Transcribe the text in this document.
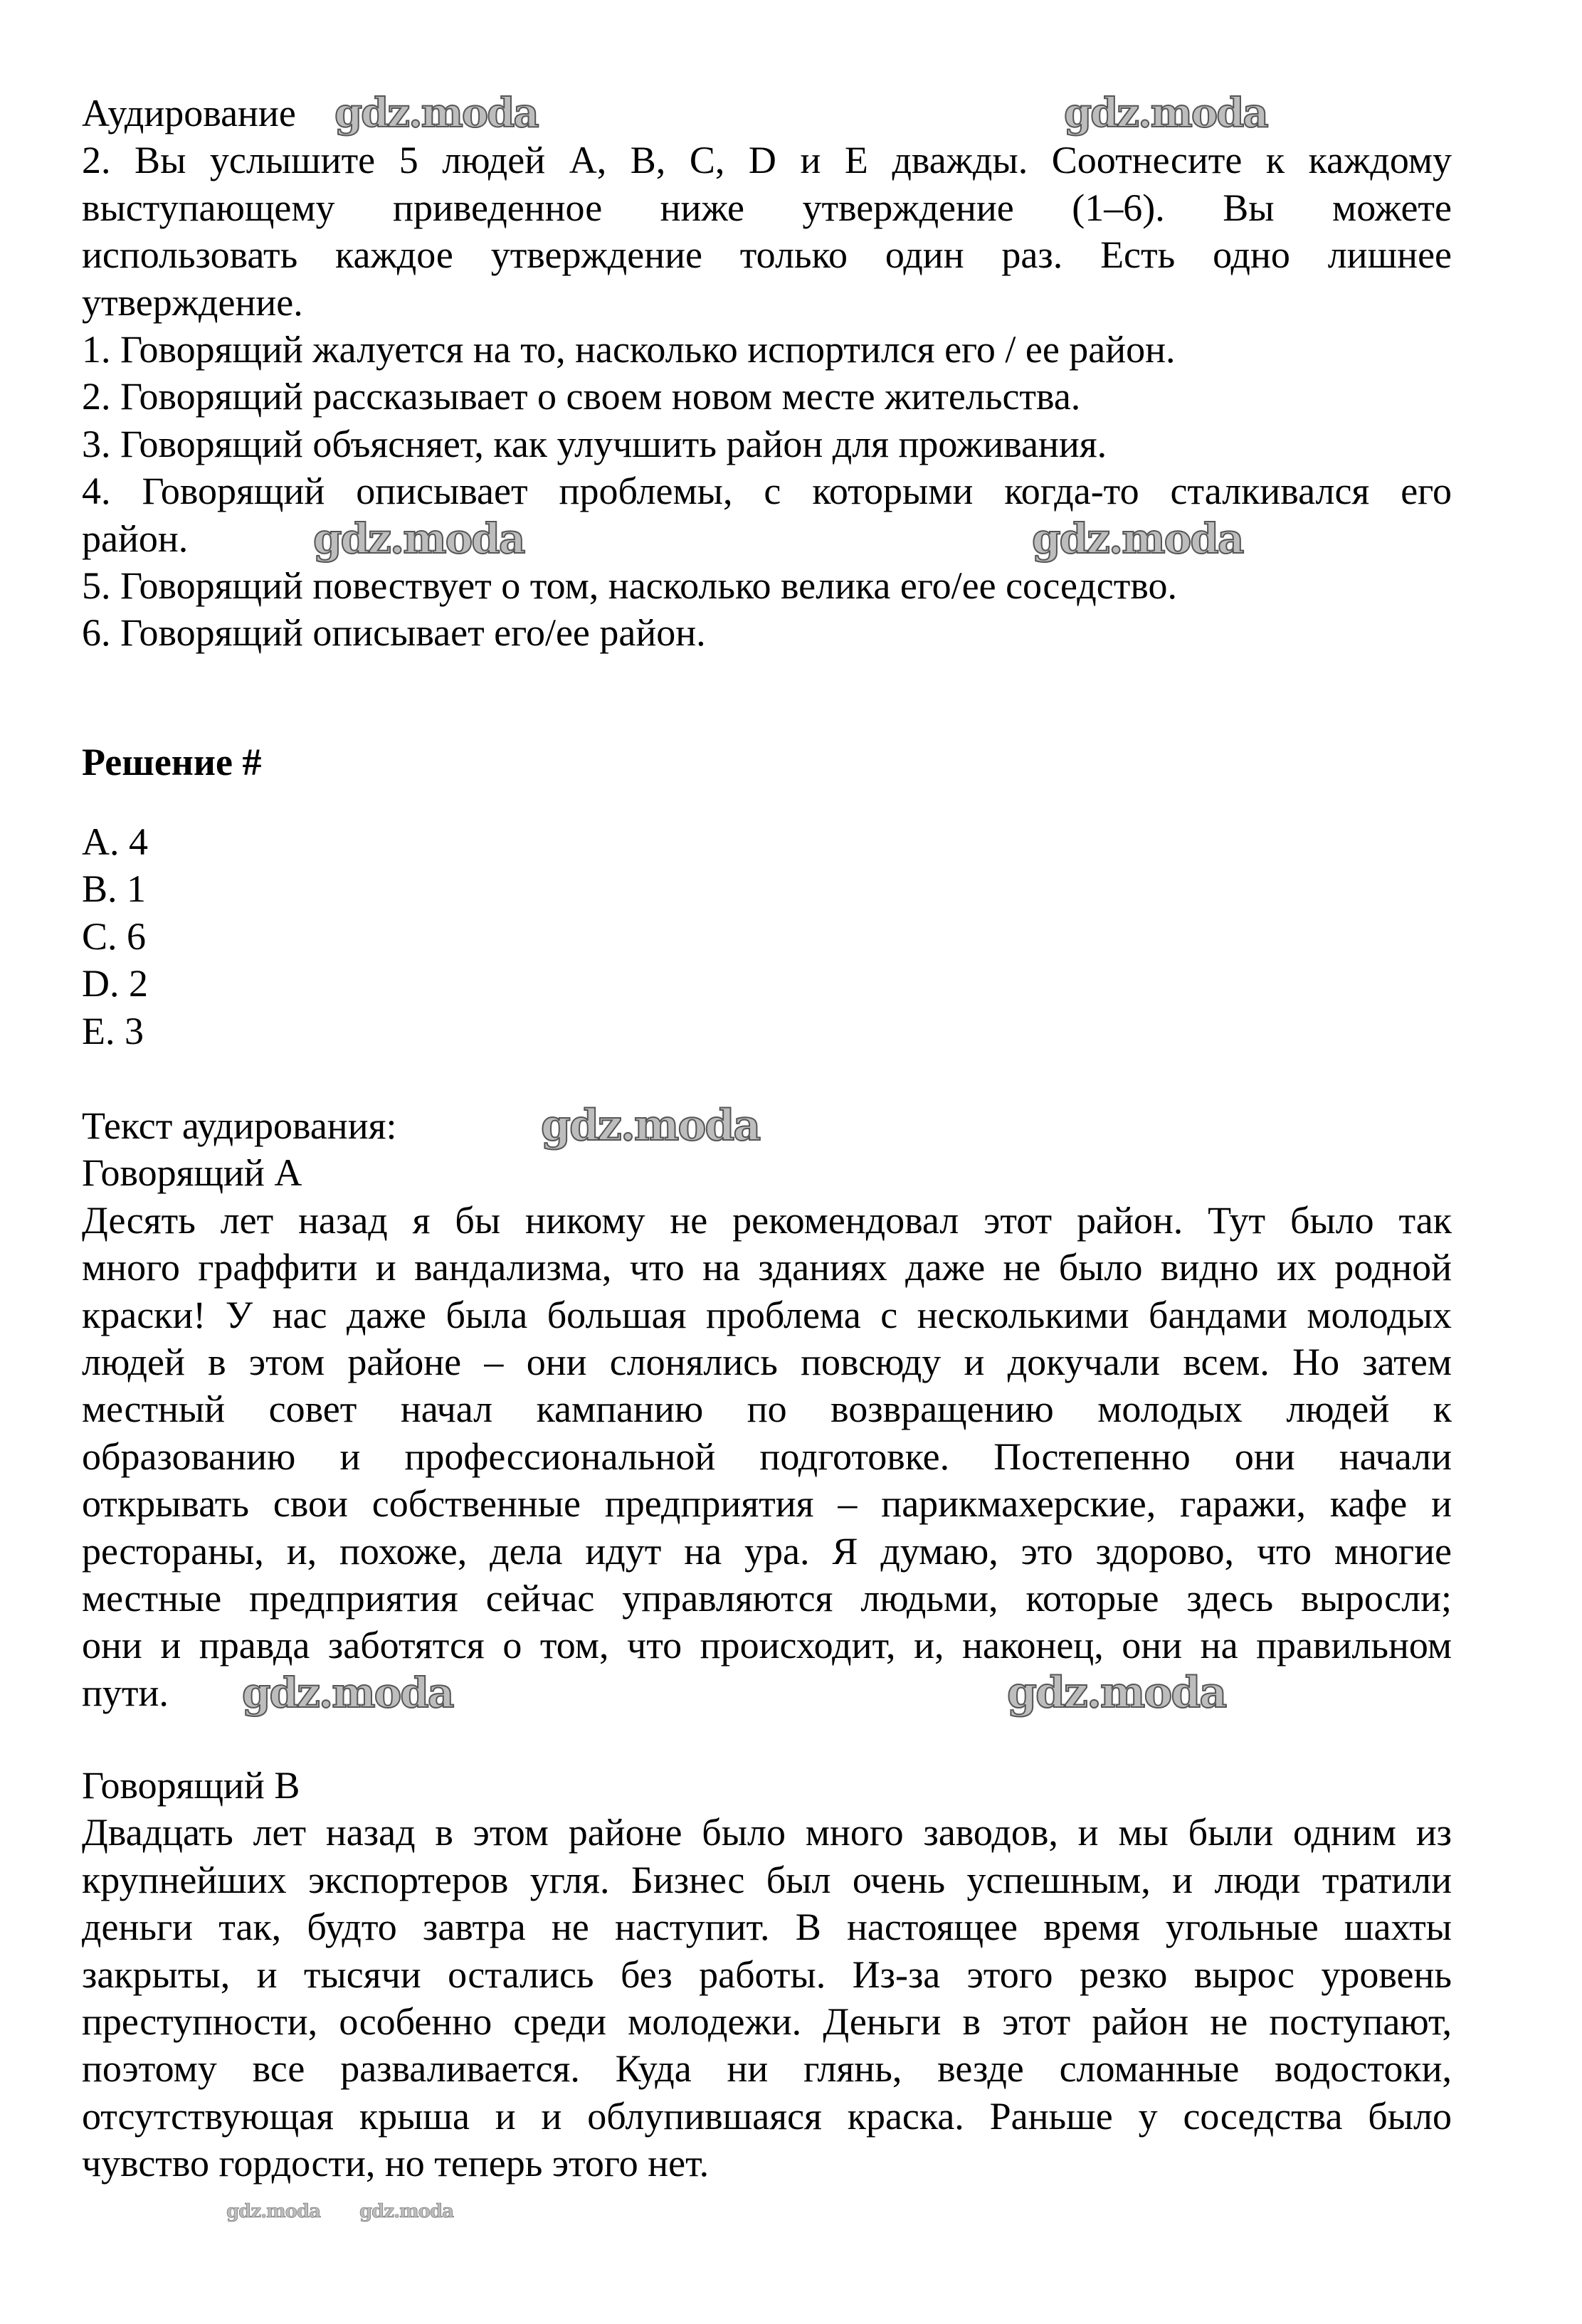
Аудирование
2. Вы услышите 5 людей A, B, C, D и E дважды. Соотнесите к каждому
выступающему приведенное ниже утверждение (1–6). Вы можете
использовать каждое утверждение только один раз. Есть одно лишнее
утверждение.
1. Говорящий жалуется на то, насколько испортился его / ее район.
2. Говорящий рассказывает о своем новом месте жительства.
3. Говорящий объясняет, как улучшить район для проживания.
4. Говорящий описывает проблемы, с которыми когда-то сталкивался его
район.
5. Говорящий повествует о том, насколько велика его/ее соседство.
6. Говорящий описывает его/ее район.
Решение #
A. 4
B. 1
C. 6
D. 2
E. 3
Текст аудирования:
Говорящий А
Десять лет назад я бы никому не рекомендовал этот район. Тут было так
много граффити и вандализма, что на зданиях даже не было видно их родной
краски! У нас даже была большая проблема с несколькими бандами молодых
людей в этом районе – они слонялись повсюду и докучали всем. Но затем
местный совет начал кампанию по возвращению молодых людей к
образованию и профессиональной подготовке. Постепенно они начали
открывать свои собственные предприятия – парикмахерские, гаражи, кафе и
рестораны, и, похоже, дела идут на ура. Я думаю, это здорово, что многие
местные предприятия сейчас управляются людьми, которые здесь выросли;
они и правда заботятся о том, что происходит, и, наконец, они на правильном
пути.
Говорящий В
Двадцать лет назад в этом районе было много заводов, и мы были одним из
крупнейших экспортеров угля. Бизнес был очень успешным, и люди тратили
деньги так, будто завтра не наступит. В настоящее время угольные шахты
закрыты, и тысячи остались без работы. Из-за этого резко вырос уровень
преступности, особенно среди молодежи. Деньги в этот район не поступают,
поэтому все разваливается. Куда ни глянь, везде сломанные водостоки,
отсутствующая крыша и и облупившаяся краска. Раньше у соседства было
чувство гордости, но теперь этого нет.
gdz.moda	gdz.moda
gdz.moda	gdz.moda
gdz.moda
gdz.moda	gdz.moda
gdz.moda gdz.moda
